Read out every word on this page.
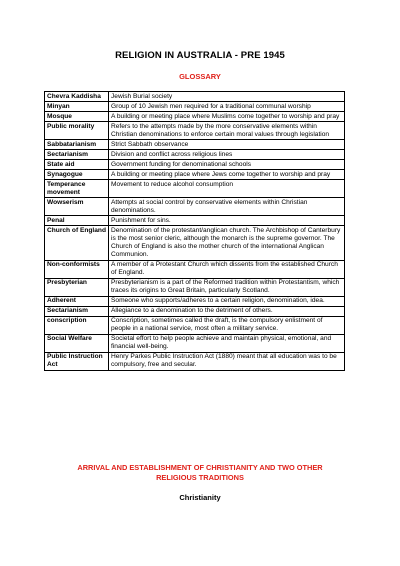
RELIGION IN AUSTRALIA - PRE 1945
GLOSSARY
Chevra Kaddisha	Jewish Burial society
Minyan	Group of 10 Jewish men required for a traditional communal worship
Mosque	A building or meeting place where Muslims come together to worship and pray
Public morality	Refers to the attempts made by the more conservative elements within Christian denominations to enforce certain moral values through legislation
Sabbatarianism	Strict Sabbath observance
Sectarianism	Division and conflict across religious lines
State aid	Government funding for denominational schools
Synagogue	A building or meeting place where Jews come together to worship and pray
Temperance movement	Movement to reduce alcohol consumption
Wowserism	Attempts at social control by conservative elements within Christian denominations.
Penal	Punishment for sins.
Church of England	Denomination of the protestant/anglican church. The Archbishop of Canterbury is the most senior cleric, although the monarch is the supreme governor. The Church of England is also the mother church of the international Anglican Communion.
Non-conformists	A member of a Protestant Church which dissents from the established Church of England.
Presbyterian	Presbyterianism is a part of the Reformed tradition within Protestantism, which traces its origins to Great Britain, particularly Scotland.
Adherent	Someone who supports/adheres to a certain religion, denomination, idea.
Sectarianism	Allegiance to a denomination to the detriment of others.
conscription	Conscription, sometimes called the draft, is the compulsory enlistment of people in a national service, most often a military service.
Social Welfare	Societal effort to help people achieve and maintain physical, emotional, and financial well-being.
Public Instruction Act	Henry Parkes Public Instruction Act (1880) meant that all education was to be compulsory, free and secular.
ARRIVAL AND ESTABLISHMENT OF CHRISTIANITY AND TWO OTHER RELIGIOUS TRADITIONS
Christianity
